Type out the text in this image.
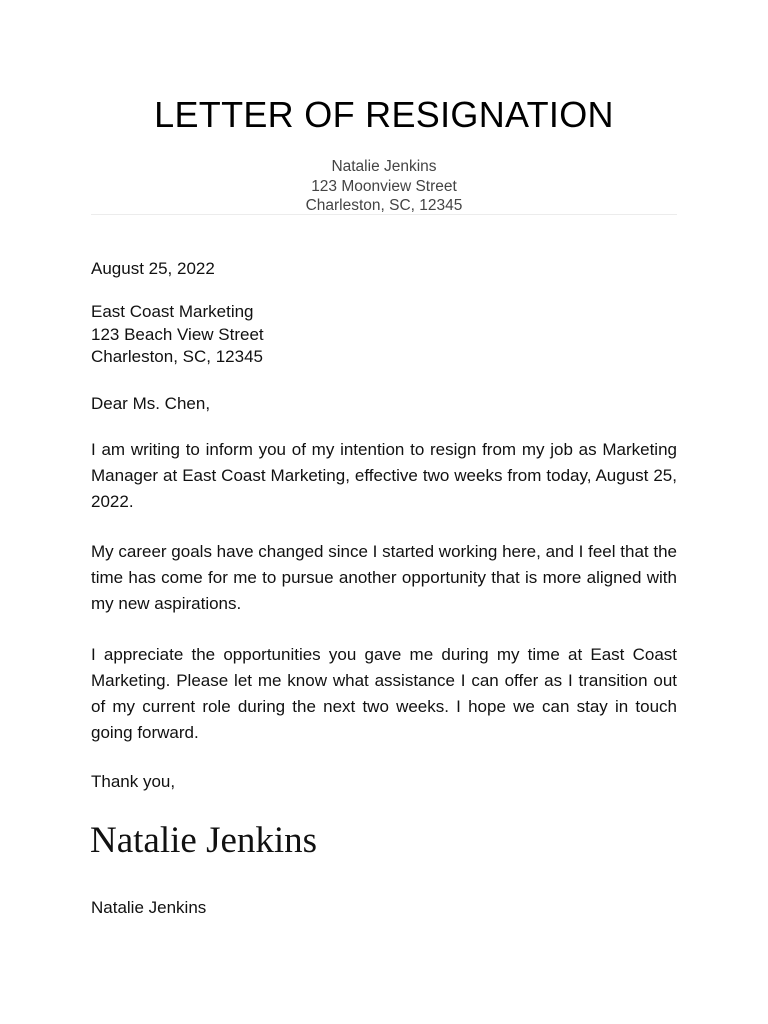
LETTER OF RESIGNATION
Natalie Jenkins
123 Moonview Street
Charleston, SC, 12345
August 25, 2022
East Coast Marketing
123 Beach View Street
Charleston, SC, 12345
Dear Ms. Chen,

I am writing to inform you of my intention to resign from my job as Marketing Manager at East Coast Marketing, effective two weeks from today, August 25, 2022.

My career goals have changed since I started working here, and I feel that the time has come for me to pursue another opportunity that is more aligned with my new aspirations.

I appreciate the opportunities you gave me during my time at East Coast Marketing. Please let me know what assistance I can offer as I transition out of my current role during the next two weeks. I hope we can stay in touch going forward.

Thank you,
Natalie Jenkins
Natalie Jenkins
